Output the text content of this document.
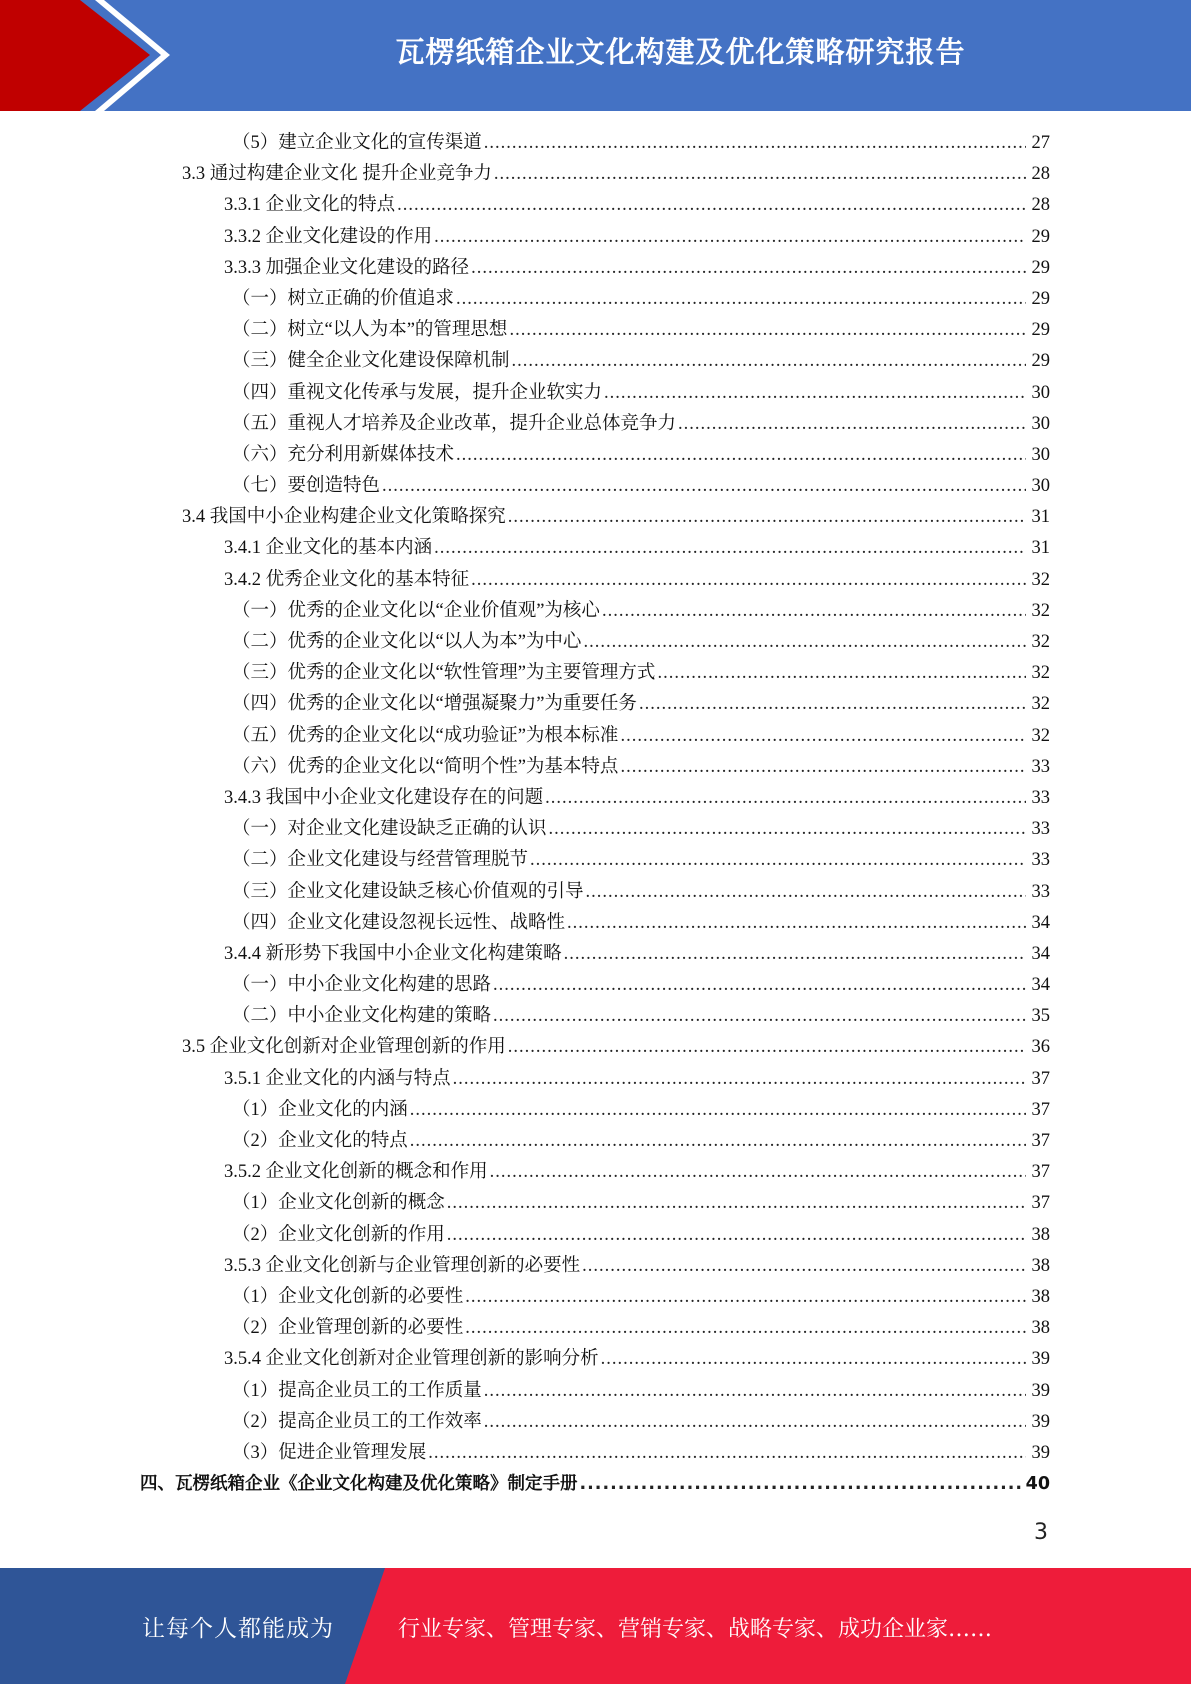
瓦楞纸箱企业文化构建及优化策略研究报告
（5）建立企业文化的宣传渠道 .....	27
3.3 通过构建企业文化 提升企业竞争力 .....	28
3.3.1 企业文化的特点 .....	28
3.3.2 企业文化建设的作用 .....	29
3.3.3 加强企业文化建设的路径 .....	29
（一）树立正确的价值追求 .....	29
（二）树立“以人为本”的管理思想 .....	29
（三）健全企业文化建设保障机制 .....	29
（四）重视文化传承与发展，提升企业软实力 .....	30
（五）重视人才培养及企业改革，提升企业总体竞争力 .....	30
（六）充分利用新媒体技术 .....	30
（七）要创造特色 .....	30
3.4 我国中小企业构建企业文化策略探究 .....	31
3.4.1 企业文化的基本内涵 .....	31
3.4.2 优秀企业文化的基本特征 .....	32
（一）优秀的企业文化以“企业价值观”为核心 .....	32
（二）优秀的企业文化以“以人为本”为中心 .....	32
（三）优秀的企业文化以“软性管理”为主要管理方式 .....	32
（四）优秀的企业文化以“增强凝聚力”为重要任务 .....	32
（五）优秀的企业文化以“成功验证”为根本标准 .....	32
（六）优秀的企业文化以“简明个性”为基本特点 .....	33
3.4.3 我国中小企业文化建设存在的问题 .....	33
（一）对企业文化建设缺乏正确的认识 .....	33
（二）企业文化建设与经营管理脱节 .....	33
（三）企业文化建设缺乏核心价值观的引导 .....	33
（四）企业文化建设忽视长远性、战略性 .....	34
3.4.4 新形势下我国中小企业文化构建策略 .....	34
（一）中小企业文化构建的思路 .....	34
（二）中小企业文化构建的策略 .....	35
3.5 企业文化创新对企业管理创新的作用 .....	36
3.5.1 企业文化的内涵与特点 .....	37
（1）企业文化的内涵 .....	37
（2）企业文化的特点 .....	37
3.5.2 企业文化创新的概念和作用 .....	37
（1）企业文化创新的概念 .....	37
（2）企业文化创新的作用 .....	38
3.5.3 企业文化创新与企业管理创新的必要性 .....	38
（1）企业文化创新的必要性 .....	38
（2）企业管理创新的必要性 .....	38
3.5.4 企业文化创新对企业管理创新的影响分析 .....	39
（1）提高企业员工的工作质量 .....	39
（2）提高企业员工的工作效率 .....	39
（3）促进企业管理发展 .....	39
四、瓦楞纸箱企业《企业文化构建及优化策略》制定手册 .....	40
3
让每个人都能成为	行业专家、管理专家、营销专家、战略专家、成功企业家……
